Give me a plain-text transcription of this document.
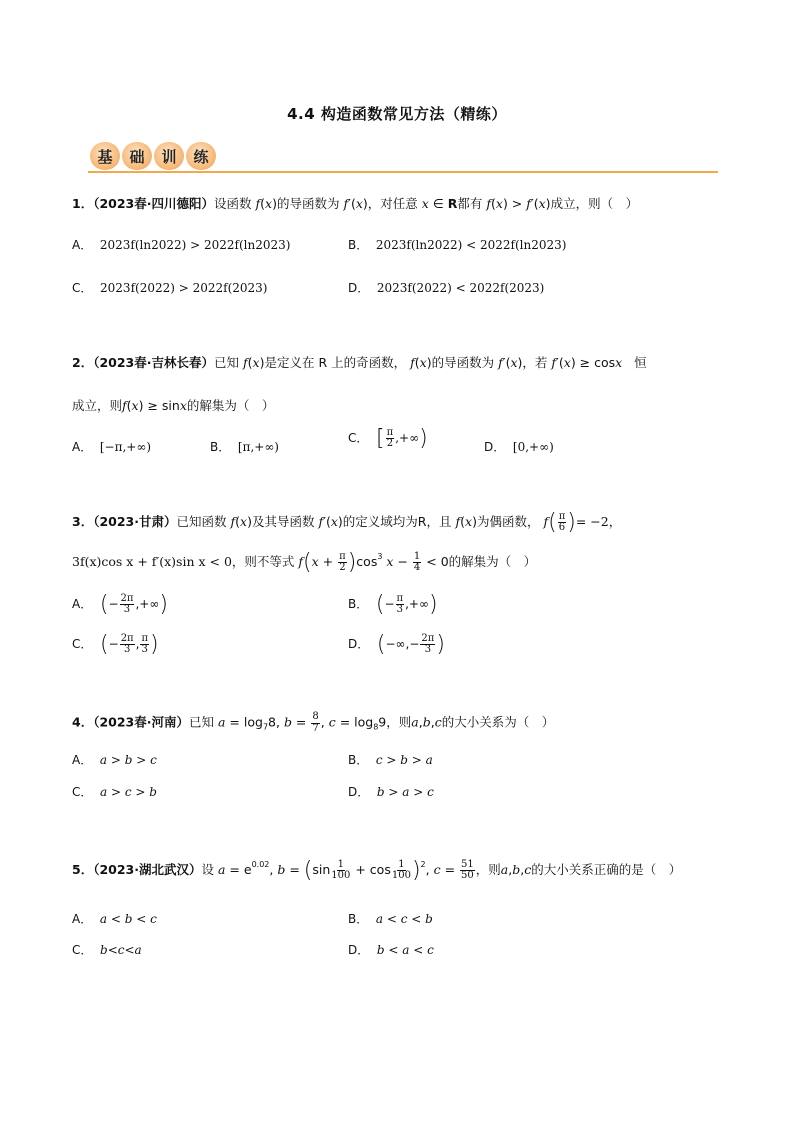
4.4 构造函数常见方法（精练）
基	础	训	练
1．（2023春·四川德阳）设函数 f(x)的导函数为 f′(x)，对任意 x ∈ R都有 f(x) > f′(x)成立，则（　）
A． 2023f(ln2022) > 2022f(ln2023)	B． 2023f(ln2022) < 2022f(ln2023)
C． 2023f(2022) > 2022f(2023)	D． 2023f(2022) < 2022f(2023)
2．（2023春·吉林长春）已知 f(x)是定义在 R 上的奇函数， f(x)的导函数为 f′(x)，若 f′(x) ≥ cosx 恒
成立，则f(x) ≥ sinx的解集为（　）
A． [−π,+∞)	B． [π,+∞)
C． [ $\frac{\pi}{2}$ ,+∞)	D． [0,+∞)
3．（2023·甘肃）已知函数 f(x)及其导函数 f′(x)的定义域均为R，且 f(x)为偶函数， $f( \frac{\pi}{6}$ )= −2，
3f(x)cos x + f′(x)sin x < 0，则不等式 $f(x + \frac{\pi}{2} )\cos^3$ $x - \frac{1}{4} < 0$的解集为（　）
A． (− $\frac{2\pi}{3}$ ,+∞)	B． (− $\frac{\pi}{3}$ ,+∞)
C． (− $\frac{2\pi}{3}$ , $\frac{\pi}{3}$ )	D． (−∞,− $\frac{2\pi}{3}$ )
4．（2023春·河南）已知 $a = \log_78$, $b = \frac{8}{7}$ , $c = \log_89$，则a,b,c的大小关系为（　）
A． a > b > c	B． c > b > a
C． a > c > b	D． b > a > c
5．（2023·湖北武汉）设 $a = e^{0.02}$, $b = (\sin \frac{1}{100} + \cos \frac{1}{100} )^2$, $c = \frac{51}{50}$ ，则a,b,c的大小关系正确的是（　）
A． a < b < c	B． a < c < b
C． b<c<a	D． b < a < c
